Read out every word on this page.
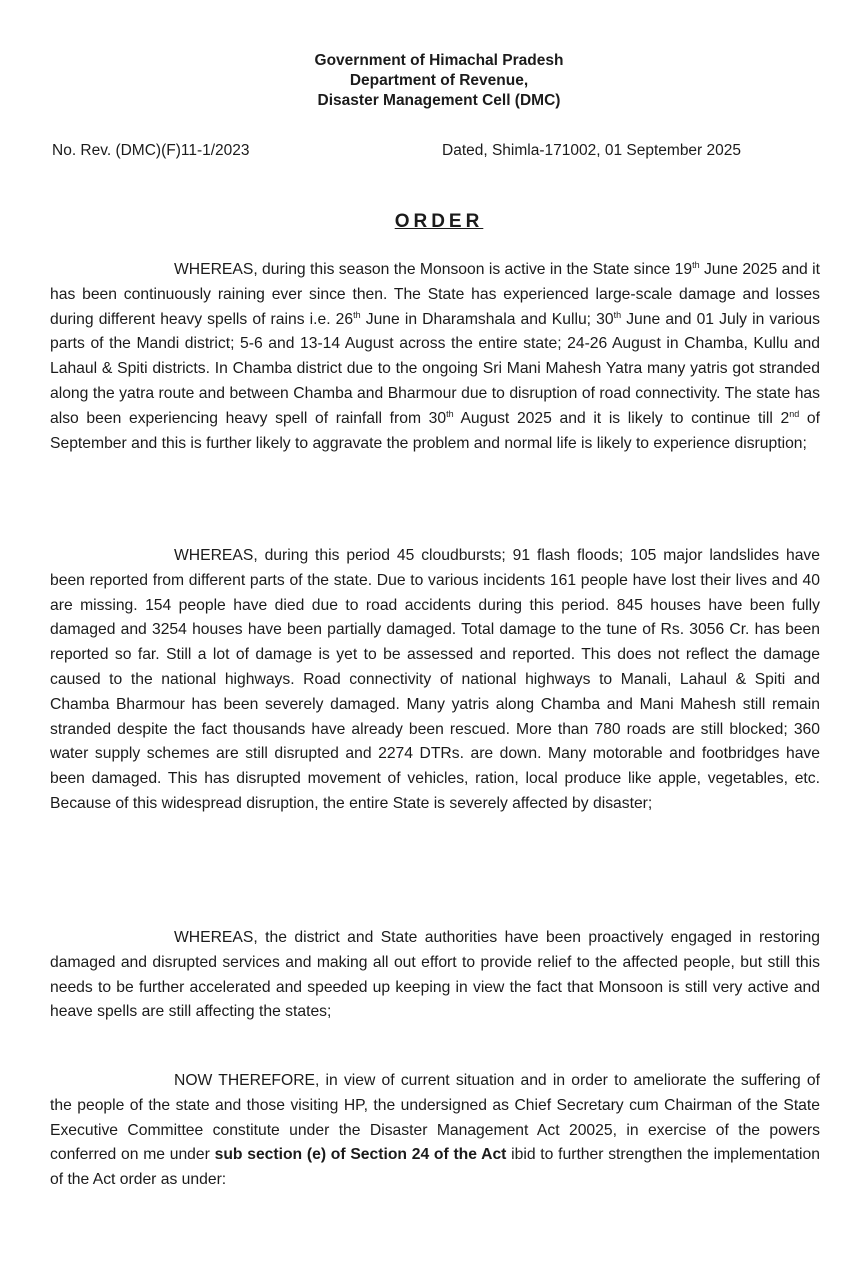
Government of Himachal Pradesh
Department of Revenue,
Disaster Management Cell (DMC)
No. Rev. (DMC)(F)11-1/2023	Dated, Shimla-171002, 01 September 2025
ORDER

WHEREAS, during this season the Monsoon is active in the State since 19th June 2025 and it has been continuously raining ever since then. The State has experienced large-scale damage and losses during different heavy spells of rains i.e. 26th June in Dharamshala and Kullu; 30th June and 01 July in various parts of the Mandi district; 5-6 and 13-14 August across the entire state; 24-26 August in Chamba, Kullu and Lahaul & Spiti districts. In Chamba district due to the ongoing Sri Mani Mahesh Yatra many yatris got stranded along the yatra route and between Chamba and Bharmour due to disruption of road connectivity. The state has also been experiencing heavy spell of rainfall from 30th August 2025 and it is likely to continue till 2nd of September and this is further likely to aggravate the problem and normal life is likely to experience disruption;

WHEREAS, during this period 45 cloudbursts; 91 flash floods; 105 major landslides have been reported from different parts of the state. Due to various incidents 161 people have lost their lives and 40 are missing. 154 people have died due to road accidents during this period. 845 houses have been fully damaged and 3254 houses have been partially damaged. Total damage to the tune of Rs. 3056 Cr. has been reported so far. Still a lot of damage is yet to be assessed and reported. This does not reflect the damage caused to the national highways. Road connectivity of national highways to Manali, Lahaul & Spiti and Chamba Bharmour has been severely damaged. Many yatris along Chamba and Mani Mahesh still remain stranded despite the fact thousands have already been rescued. More than 780 roads are still blocked; 360 water supply schemes are still disrupted and 2274 DTRs. are down. Many motorable and footbridges have been damaged. This has disrupted movement of vehicles, ration, local produce like apple, vegetables, etc. Because of this widespread disruption, the entire State is severely affected by disaster;

WHEREAS, the district and State authorities have been proactively engaged in restoring damaged and disrupted services and making all out effort to provide relief to the affected people, but still this needs to be further accelerated and speeded up keeping in view the fact that Monsoon is still very active and heave spells are still affecting the states;

NOW THEREFORE, in view of current situation and in order to ameliorate the suffering of the people of the state and those visiting HP, the undersigned as Chief Secretary cum Chairman of the State Executive Committee constitute under the Disaster Management Act 20025, in exercise of the powers conferred on me under sub section (e) of Section 24 of the Act ibid to further strengthen the implementation of the Act order as under:
